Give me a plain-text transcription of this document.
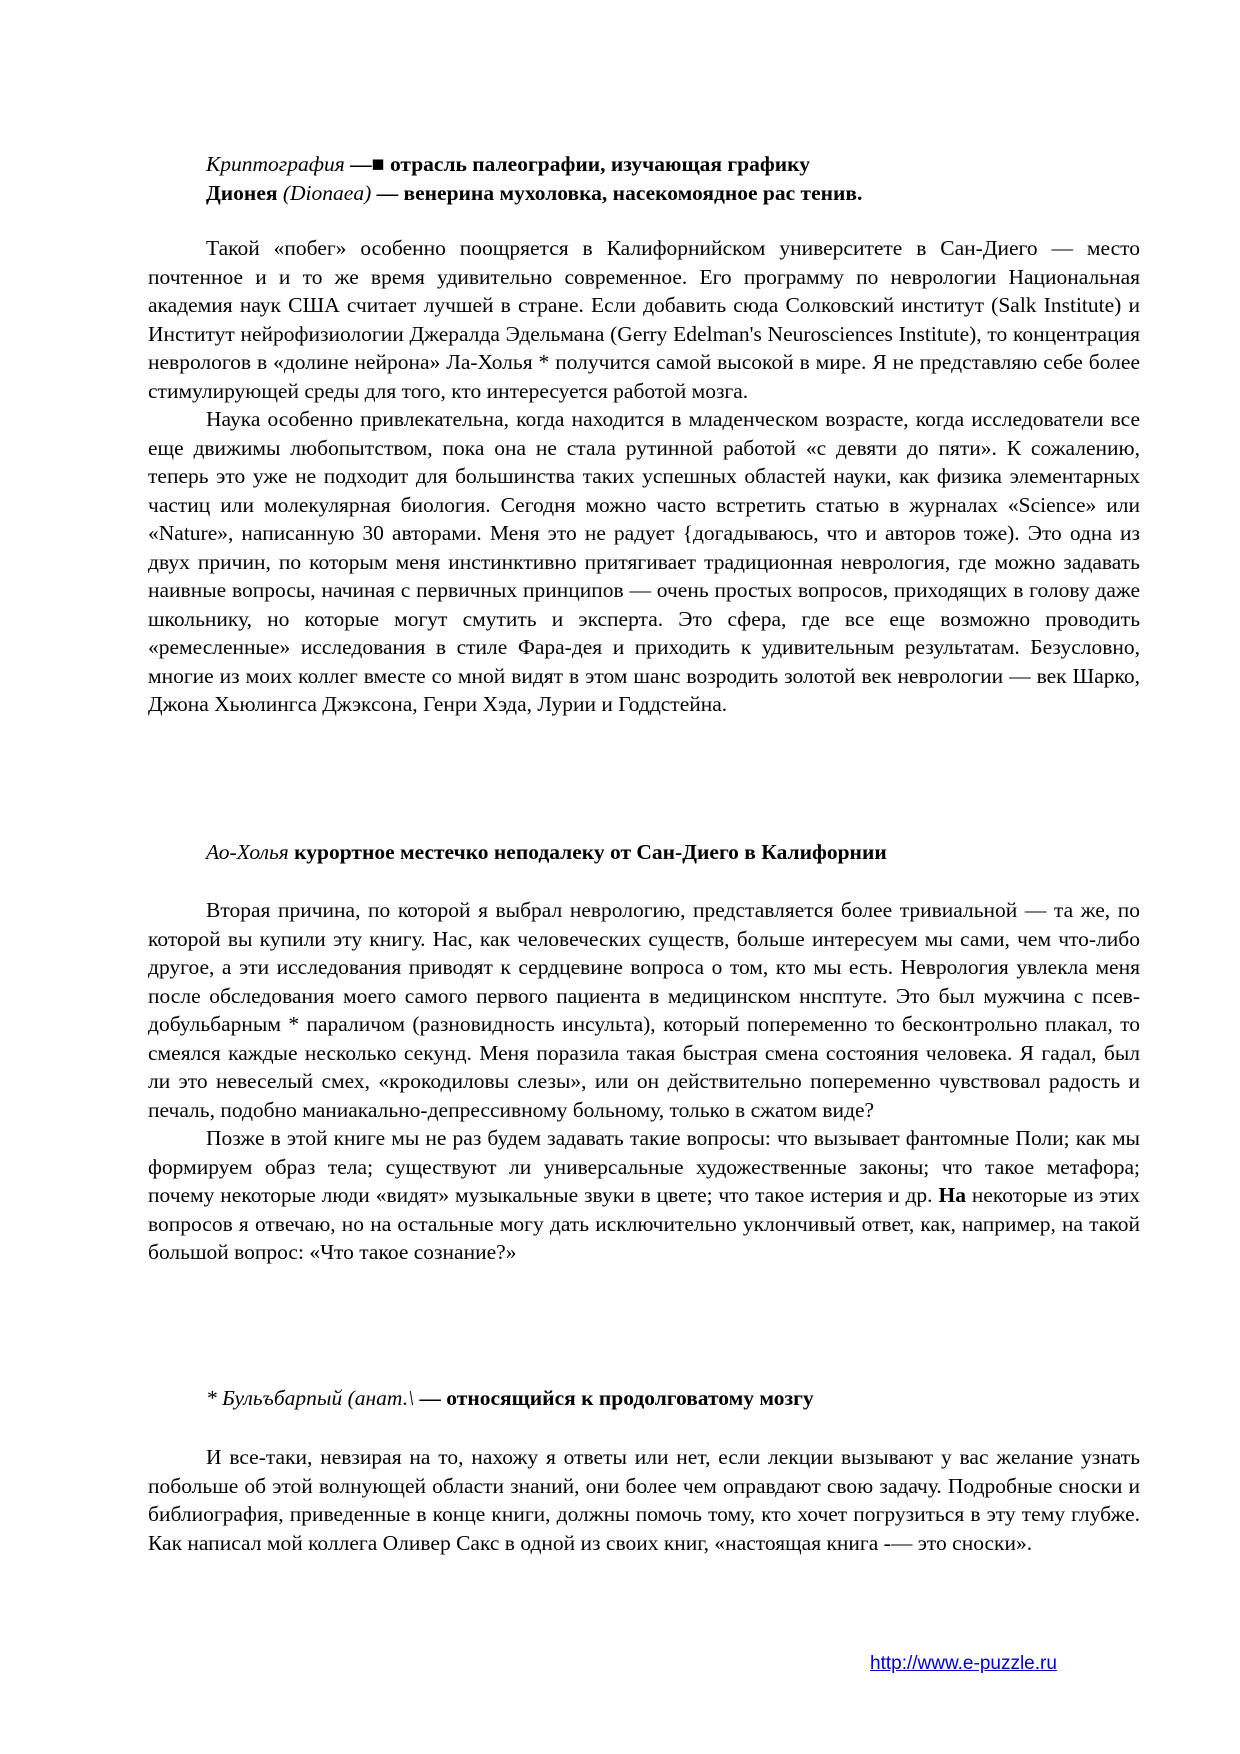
Криптография —■ отрасль палеографии, изучающая графику

Дионея (Dionaea) — венерина мухоловка, насекомоядное рас тенив.

Такой «побег» особенно поощряется в Калифорнийском университете в Сан-Диего — место почтенное и и то же время удивительно современное. Его программу по неврологии Национальная академия наук США считает лучшей в стране. Если добавить сюда Солковский институт (Salk Institute) и Институт нейрофизиологии Джералда Эдельмана (Gerry Edelman's Neurosciences Institute), то концентрация неврологов в «долине нейрона» Ла-Холья * получится самой высокой в мире. Я не представляю себе более стимулирующей среды для того, кто интересуется работой мозга.

Наука особенно привлекательна, когда находится в младенческом возрасте, когда исследователи все еще движимы любопытством, пока она не стала рутинной работой «с девяти до пяти». К сожалению, теперь это уже не подходит для большинства таких успешных областей науки, как физика элементарных частиц или молекулярная биология. Сегодня можно часто встретить статью в журналах «Science» или «Nature», написанную 30 авторами. Меня это не радует {догадываюсь, что и авторов тоже). Это одна из двух причин, по которым меня инстинктивно притягивает традиционная неврология, где можно задавать наивные вопросы, начиная с первичных принципов — очень простых вопросов, приходящих в голову даже школьнику, но которые могут смутить и эксперта. Это сфера, где все еще возможно проводить «ремесленные» исследования в стиле Фара-дея и приходить к удивительным результатам. Безусловно, многие из моих коллег вместе со мной видят в этом шанс возродить золотой век неврологии — век Шарко, Джона Хьюлингса Джэксона, Генри Хэда, Лурии и Годдстейна.

Ао-Холья курортное местечко неподалеку от Сан-Диего в Калифорнии

Вторая причина, по которой я выбрал неврологию, представляется более тривиальной — та же, по которой вы купили эту книгу. Нас, как человеческих существ, больше интересуем мы сами, чем что-либо другое, а эти исследования приводят к сердцевине вопроса о том, кто мы есть. Неврология увлекла меня после обследования моего самого первого пациента в медицинском ннсптуте. Это был мужчина с псев-добульбарным * параличом (разновидность инсульта), который попеременно то бесконтрольно плакал, то смеялся каждые несколько секунд. Меня поразила такая быстрая смена состояния человека. Я гадал, был ли это невеселый смех, «крокодиловы слезы», или он действительно попеременно чувствовал радость и печаль, подобно маниакально-депрессивному больному, только в сжатом виде?

Позже в этой книге мы не раз будем задавать такие вопросы: что вызывает фантомные Поли; как мы формируем образ тела; существуют ли универсальные художественные законы; что такое метафора; почему некоторые люди «видят» музыкальные звуки в цвете; что такое истерия и др. На некоторые из этих вопросов я отвечаю, но на остальные могу дать исключительно уклончивый ответ, как, например, на такой большой вопрос: «Что такое сознание?»

* Бульъбарпый (анат.\ — относящийся к продолговатому мозгу

И все-таки, невзирая на то, нахожу я ответы или нет, если лекции вызывают у вас желание узнать побольше об этой волнующей области знаний, они более чем оправдают свою задачу. Подробные сноски и библиография, приведенные в конце книги, должны помочь тому, кто хочет погрузиться в эту тему глубже. Как написал мой коллега Оливер Сакс в одной из своих книг, «настоящая книга -— это сноски».

http://www.e-puzzle.ru
